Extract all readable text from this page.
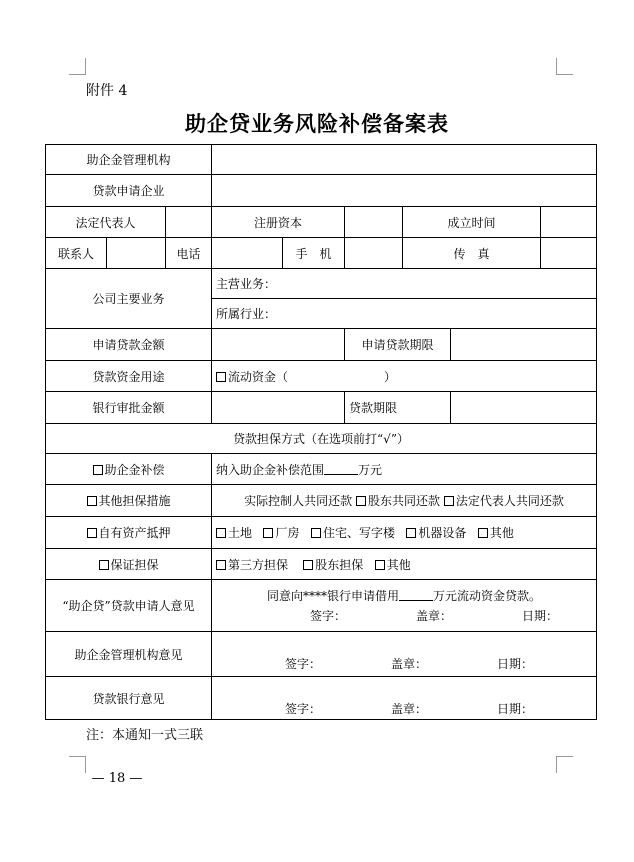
附件 4
助企贷业务风险补偿备案表
助企金管理机构								
贷款申请企业								
法定代表人			注册资本			成立时间		
联系人		电话		手　机		传　真		
公司主要业务			主营业务：					
			所属行业：					
申请贷款金额					申请贷款期限			
贷款资金用途			流动资金（　　　　　　　　）					
银行审批金额					贷款期限			
贷款担保方式（在选项前打“√”）								
助企金补偿			纳入助企金补偿范围 万元					
其他担保措施			实际控制人共同还款 股东共同还款 法定代表人共同还款					
自有资产抵押			土地 厂房 住宅、写字楼 机器设备 其他					
保证担保			第三方担保 股东担保 其他					
“助企贷”贷款申请人意见			同意向****银行申请借用 万元流动资金贷款。
签字： 盖章： 日期：					

助企金管理机构意见			签字： 盖章： 日期：					

贷款银行意见			签字： 盖章： 日期：					
注：本通知一式三联
— 18 —
